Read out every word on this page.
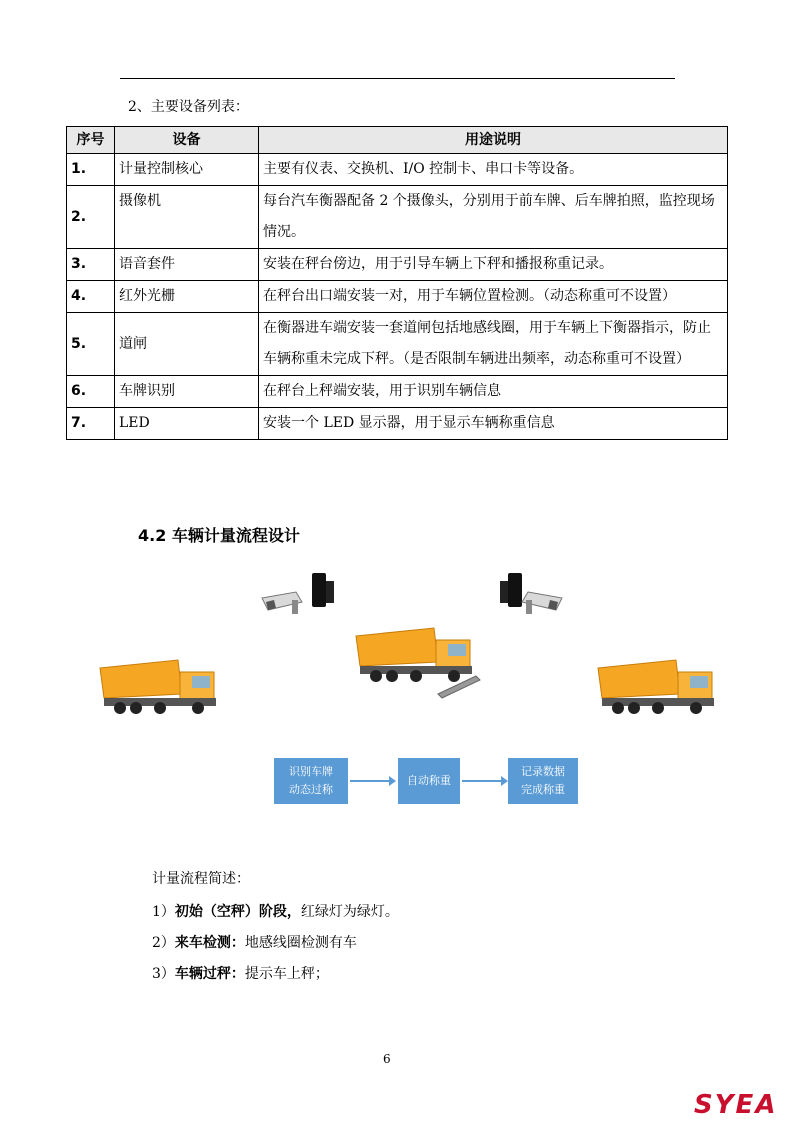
2、主要设备列表：
序号	设备	用途说明
1.	计量控制核心	主要有仪表、交换机、I/O 控制卡、串口卡等设备。
2.	摄像机	每台汽车衡器配备 2 个摄像头，分别用于前车牌、后车牌拍照，监控现场情况。
3.	语音套件	安装在秤台傍边，用于引导车辆上下秤和播报称重记录。
4.	红外光栅	在秤台出口端安装一对，用于车辆位置检测。（动态称重可不设置）
5.	道闸	在衡器进车端安装一套道闸包括地感线圈，用于车辆上下衡器指示，防止车辆称重未完成下秤。（是否限制车辆进出频率，动态称重可不设置）
6.	车牌识别	在秤台上秤端安装，用于识别车辆信息
7.	LED	安装一个 LED 显示器，用于显示车辆称重信息
4.2 车辆计量流程设计
识别车牌
动态过称
自动称重
记录数据
完成称重
计量流程简述：
1）初始（空秤）阶段，红绿灯为绿灯。
2）来车检测：地感线圈检测有车
3）车辆过秤：提示车上秤；
6
SYEA
